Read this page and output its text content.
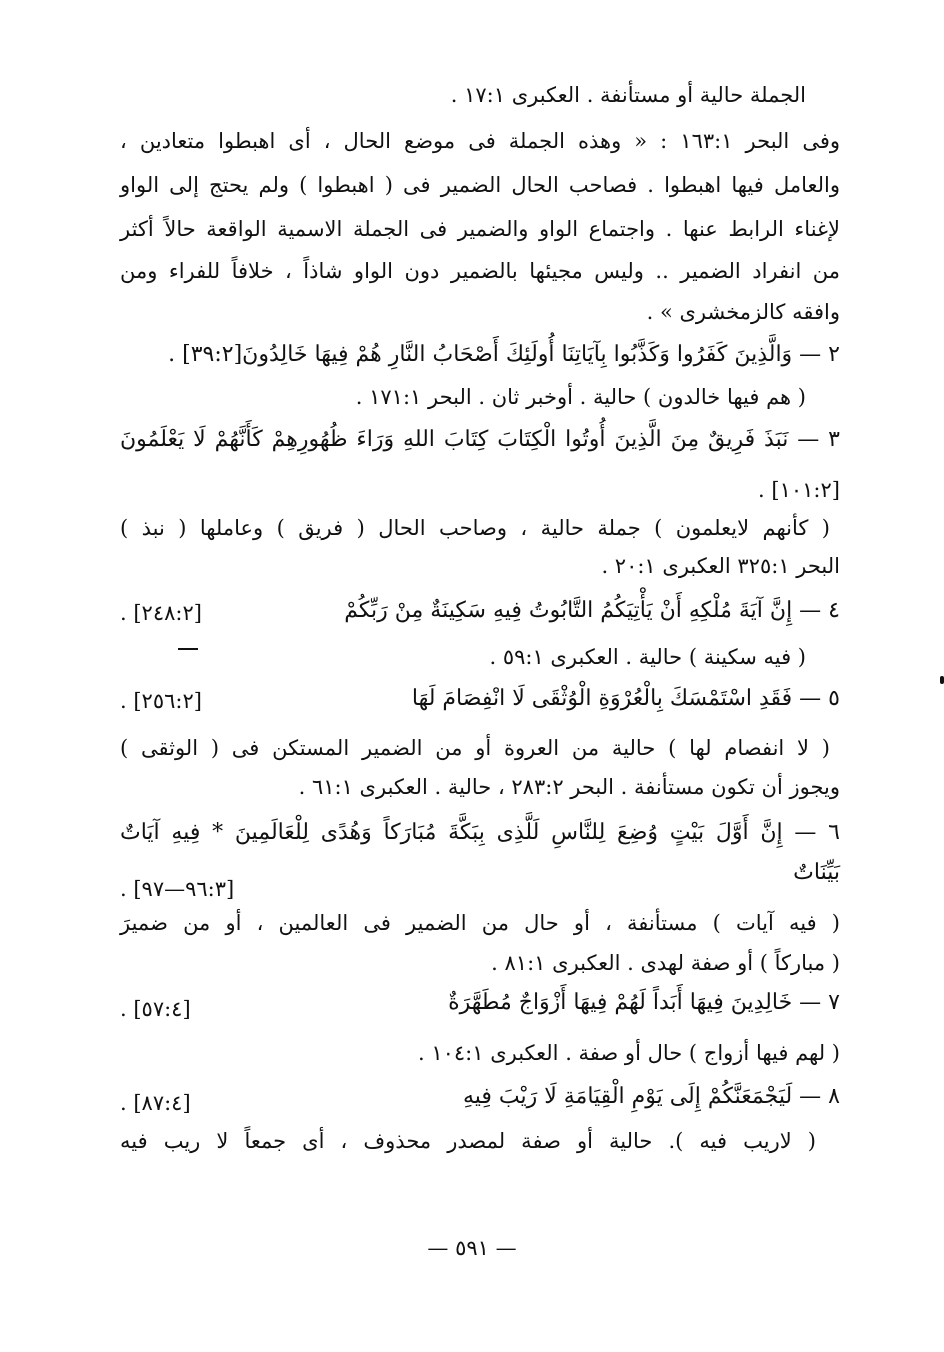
الجملة حالية أو مستأنفة . العكبرى ١٧:١ .
وفى البحر ١٦٣:١ : « وهذه الجملة فى موضع الحال ، أى اهبطوا متعادين ،
والعامل فيها اهبطوا . فصاحب الحال الضمير فى ( اهبطوا ) ولم يحتج إلى الواو
لإغناء الرابط عنها . واجتماع الواو والضمير فى الجملة الاسمية الواقعة حالاً أكثر
من انفراد الضمير .. وليس مجيئها بالضمير دون الواو شاذاً ، خلافاً للفراء ومن
وافقه كالزمخشرى » .
٢ — وَالَّذِينَ كَفَرُوا وَكَذَّبُوا بِآيَاتِنَا أُولَئِكَ أَصْحَابُ النَّارِ هُمْ فِيهَا خَالِدُونَ[٣٩:٢] .
( هم فيها خالدون ) حالية . أوخبر ثان . البحر ١٧١:١ .
٣ — نَبَذَ فَرِيقٌ مِنَ الَّذِينَ أُوتُوا الْكِتَابَ كِتَابَ اللهِ وَرَاءَ ظُهُورِهِمْ كَأَنَّهُمْ لَا يَعْلَمُونَ
[١٠١:٢] .
( كأنهم لايعلمون ) جملة حالية ، وصاحب الحال ( فريق ) وعاملها ( نبذ )
البحر ٣٢٥:١ العكبرى ٢٠:١ .
٤ — إِنَّ آيَةَ مُلْكِهِ أَنْ يَأْتِيَكُمُ التَّابُوتُ فِيهِ سَكِينَةٌ مِنْ رَبِّكُمْ
[٢٤٨:٢] .
( فيه سكينة ) حالية . العكبرى ٥٩:١ .
٥ — فَقَدِ اسْتَمْسَكَ بِالْعُرْوَةِ الْوُثْقَى لَا انْفِصَامَ لَهَا
[٢٥٦:٢] .
( لا انفصام لها ) حالية من العروة أو من الضمير المستكن فى ( الوثقى )
ويجوز أن تكون مستأنفة . البحر ٢٨٣:٢ ، حالية . العكبرى ٦١:١ .
٦ — إِنَّ أَوَّلَ بَيْتٍ وُضِعَ لِلنَّاسِ لَلَّذِى بِبَكَّةَ مُبَارَكاً وَهُدًى لِلْعَالَمِينَ * فِيهِ آيَاتٌ
بَيِّنَاتٌ
[٩٦:٣—٩٧] .
( فيه آيات ) مستأنفة ، أو حال من الضمير فى العالمين ، أو من ضميرَ
( مباركاً ) أو صفة لهدى . العكبرى ٨١:١ .
٧ — خَالِدِينَ فِيهَا أَبَداً لَهُمْ فِيهَا أَزْوَاجٌ مُطَهَّرَةٌ
[٥٧:٤] .
( لهم فيها أزواج ) حال أو صفة . العكبرى ١٠٤:١ .
٨ — لَيَجْمَعَنَّكُمْ إِلَى يَوْمِ الْقِيَامَةِ لَا رَيْبَ فِيهِ
[٨٧:٤] .
( لاريب فيه ). حالية أو صفة لمصدر محذوف ، أى جمعاً لا ريب فيه
— ٥٩١ —
